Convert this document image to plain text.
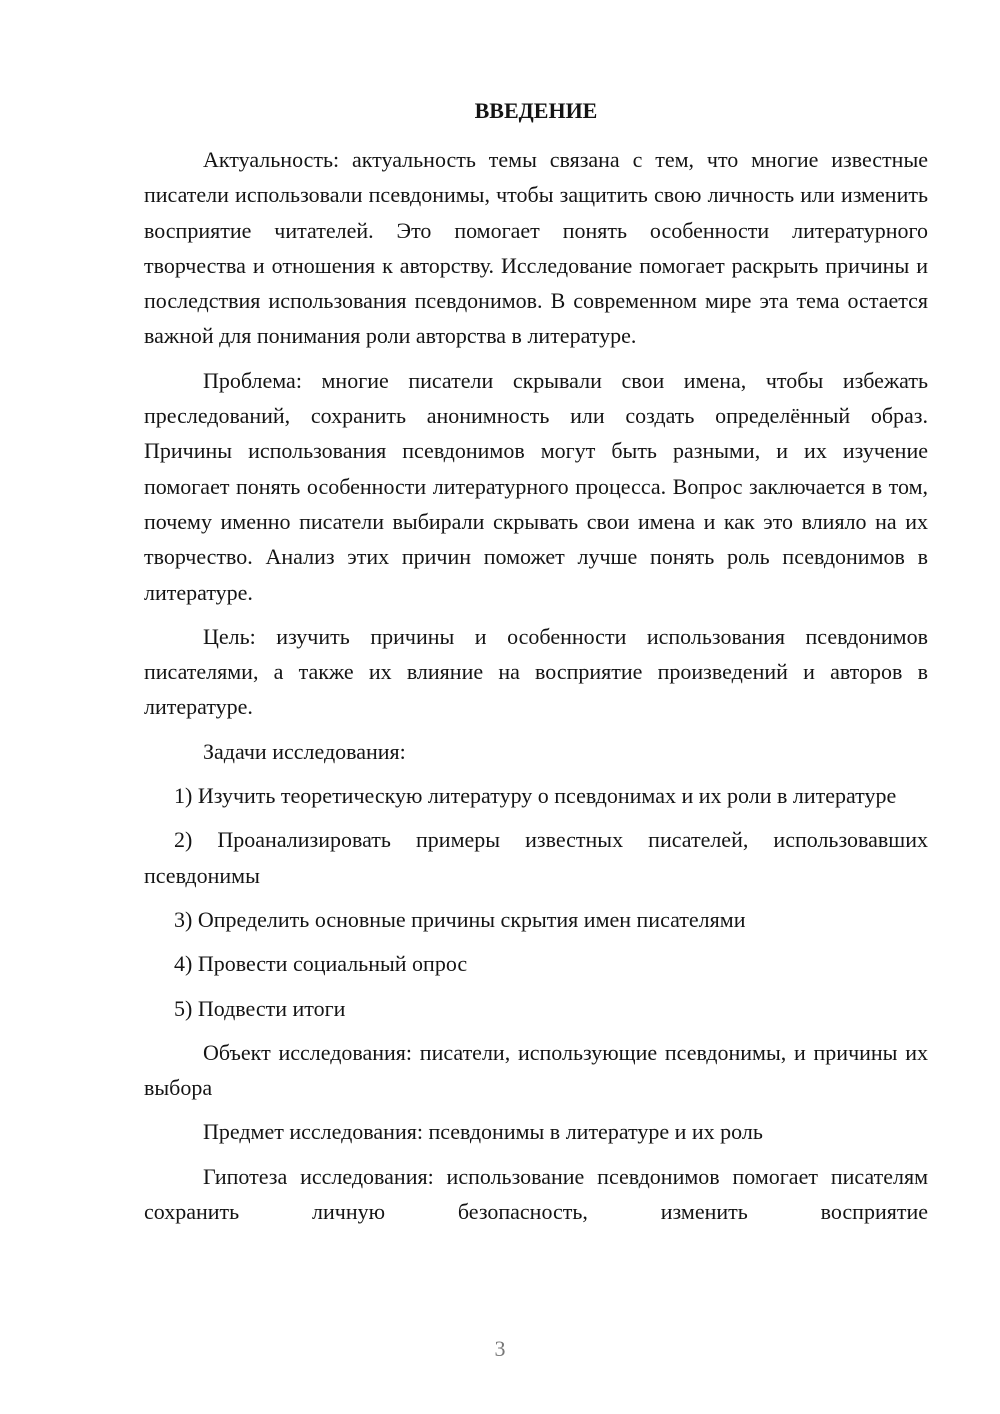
ВВЕДЕНИЕ

Актуальность: актуальность темы связана с тем, что многие известные писатели использовали псевдонимы, чтобы защитить свою личность или изменить восприятие читателей. Это помогает понять особенности литературного творчества и отношения к авторству. Исследование помогает раскрыть причины и последствия использования псевдонимов. В современном мире эта тема остается важной для понимания роли авторства в литературе.

Проблема: многие писатели скрывали свои имена, чтобы избежать преследований, сохранить анонимность или создать определённый образ. Причины использования псевдонимов могут быть разными, и их изучение помогает понять особенности литературного процесса. Вопрос заключается в том, почему именно писатели выбирали скрывать свои имена и как это влияло на их творчество. Анализ этих причин поможет лучше понять роль псевдонимов в литературе.

Цель: изучить причины и особенности использования псевдонимов писателями, а также их влияние на восприятие произведений и авторов в литературе.

Задачи исследования:

1) Изучить теоретическую литературу о псевдонимах и их роли в литературе

2) Проанализировать примеры известных писателей, использовавших псевдонимы

3) Определить основные причины скрытия имен писателями

4) Провести социальный опрос

5) Подвести итоги

Объект исследования: писатели, использующие псевдонимы, и причины их выбора

Предмет исследования: псевдонимы в литературе и их роль

Гипотеза исследования: использование псевдонимов помогает писателям сохранить личную безопасность, изменить восприятие

3
